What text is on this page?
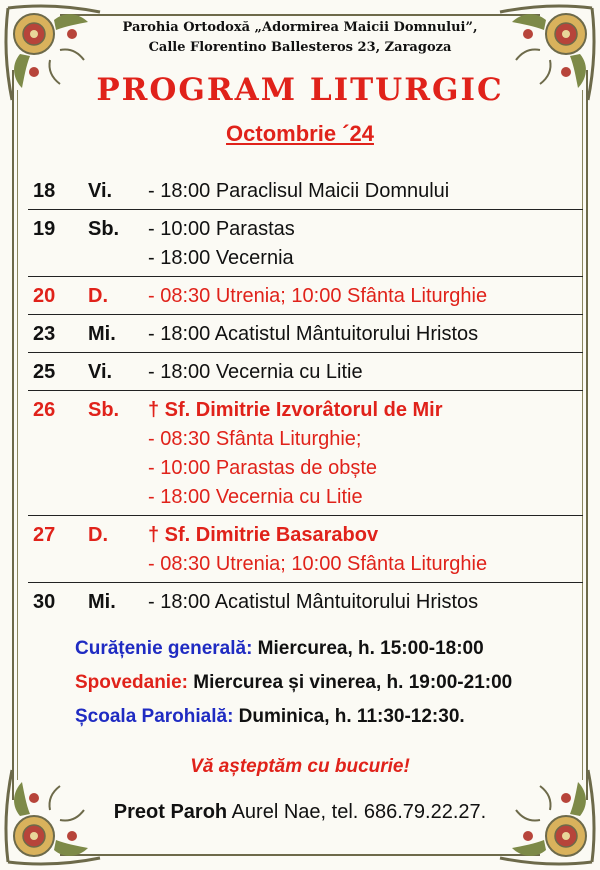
Parohia Ortodoxă „Adormirea Maicii Domnului”,
Calle Florentino Ballesteros 23, Zaragoza
PROGRAM LITURGIC
Octombrie ´24
18 Vi. - 18:00 Paraclisul Maicii Domnului
19 Sb. - 10:00 Parastas
- 18:00 Vecernia
20 D. - 08:30 Utrenia; 10:00 Sfânta Liturghie
23 Mi. - 18:00 Acatistul Mântuitorului Hristos
25 Vi. - 18:00 Vecernia cu Litie
26 Sb. † Sf. Dimitrie Izvorâtorul de Mir
- 08:30 Sfânta Liturghie;
- 10:00 Parastas de obște
- 18:00 Vecernia cu Litie
27 D. † Sf. Dimitrie Basarabov
- 08:30 Utrenia; 10:00 Sfânta Liturghie
30 Mi. - 18:00 Acatistul Mântuitorului Hristos
Curățenie generală: Miercurea, h. 15:00-18:00
Spovedanie: Miercurea și vinerea, h. 19:00-21:00
Școala Parohială: Duminica, h. 11:30-12:30.
Vă așteptăm cu bucurie!
Preot Paroh Aurel Nae, tel. 686.79.22.27.
